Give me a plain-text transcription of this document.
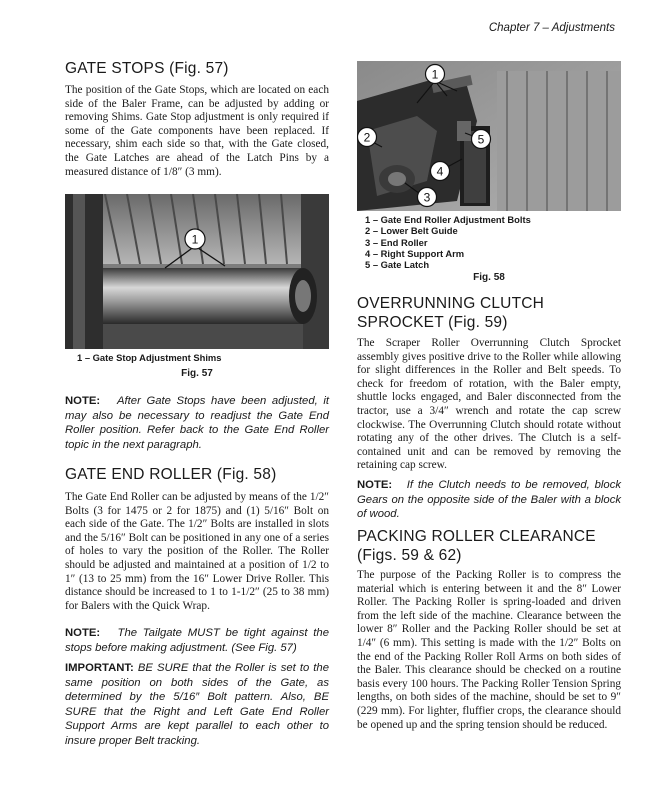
Chapter 7 – Adjustments
GATE STOPS (Fig. 57)

The position of the Gate Stops, which are located on each side of the Baler Frame, can be adjusted by adding or removing Shims. Gate Stop adjustment is only required if some of the Gate components have been replaced. If necessary, shim each side so that, with the Gate closed, the Gate Latches are ahead of the Latch Pins by a measured distance of 1/8″ (3 mm).

1
1 – Gate Stop Adjustment Shims
Fig. 57

NOTE: After Gate Stops have been adjusted, it may also be necessary to readjust the Gate End Roller position. Refer back to the Gate End Roller topic in the next paragraph.

GATE END ROLLER (Fig. 58)

The Gate End Roller can be adjusted by means of the 1/2″ Bolts (3 for 1475 or 2 for 1875) and (1) 5/16″ Bolt on each side of the Gate. The 1/2″ Bolts are installed in slots and the 5/16″ Bolt can be positioned in any one of a series of holes to vary the position of the Roller. The Roller should be adjusted and maintained at a position of 1/2 to 1″ (13 to 25 mm) from the 16″ Lower Drive Roller. This distance should be increased to 1 to 1-1/2″ (25 to 38 mm) for Balers with the Quick Wrap.

NOTE: The Tailgate MUST be tight against the stops before making adjustment. (See Fig. 57)

IMPORTANT: BE SURE that the Roller is set to the same position on both sides of the Gate, as determined by the 5/16″ Bolt pattern. Also, BE SURE that the Right and Left Gate End Roller Support Arms are kept parallel to each other to insure proper Belt tracking.

1
2
3
4
5
1 – Gate End Roller Adjustment Bolts
2 – Lower Belt Guide
3 – End Roller
4 – Right Support Arm
5 – Gate Latch
Fig. 58
OVERRUNNING CLUTCH
SPROCKET (Fig. 59)

The Scraper Roller Overrunning Clutch Sprocket assembly gives positive drive to the Roller while allowing for slight differences in the Roller and Belt speeds. To check for freedom of rotation, with the Baler empty, shuttle locks engaged, and Baler disconnected from the tractor, use a 3/4″ wrench and rotate the cap screw clockwise. The Overrunning Clutch should rotate without rotating any of the other drives. The Clutch is a self-contained unit and can be removed by removing the retaining cap screw.

NOTE: If the Clutch needs to be removed, block Gears on the opposite side of the Baler with a block of wood.

PACKING ROLLER CLEARANCE
(Figs. 59 & 62)

The purpose of the Packing Roller is to compress the material which is entering between it and the 8″ Lower Roller. The Packing Roller is spring-loaded and driven from the left side of the machine. Clearance between the lower 8″ Roller and the Packing Roller should be set at 1/4″ (6 mm). This setting is made with the 1/2″ Bolts on the end of the Packing Roller Roll Arms on both sides of the Baler. This clearance should be checked on a routine basis every 100 hours. The Packing Roller Tension Spring lengths, on both sides of the machine, should be set to 9″ (229 mm). For lighter, fluffier crops, the clearance should be opened up and the spring tension should be reduced.
